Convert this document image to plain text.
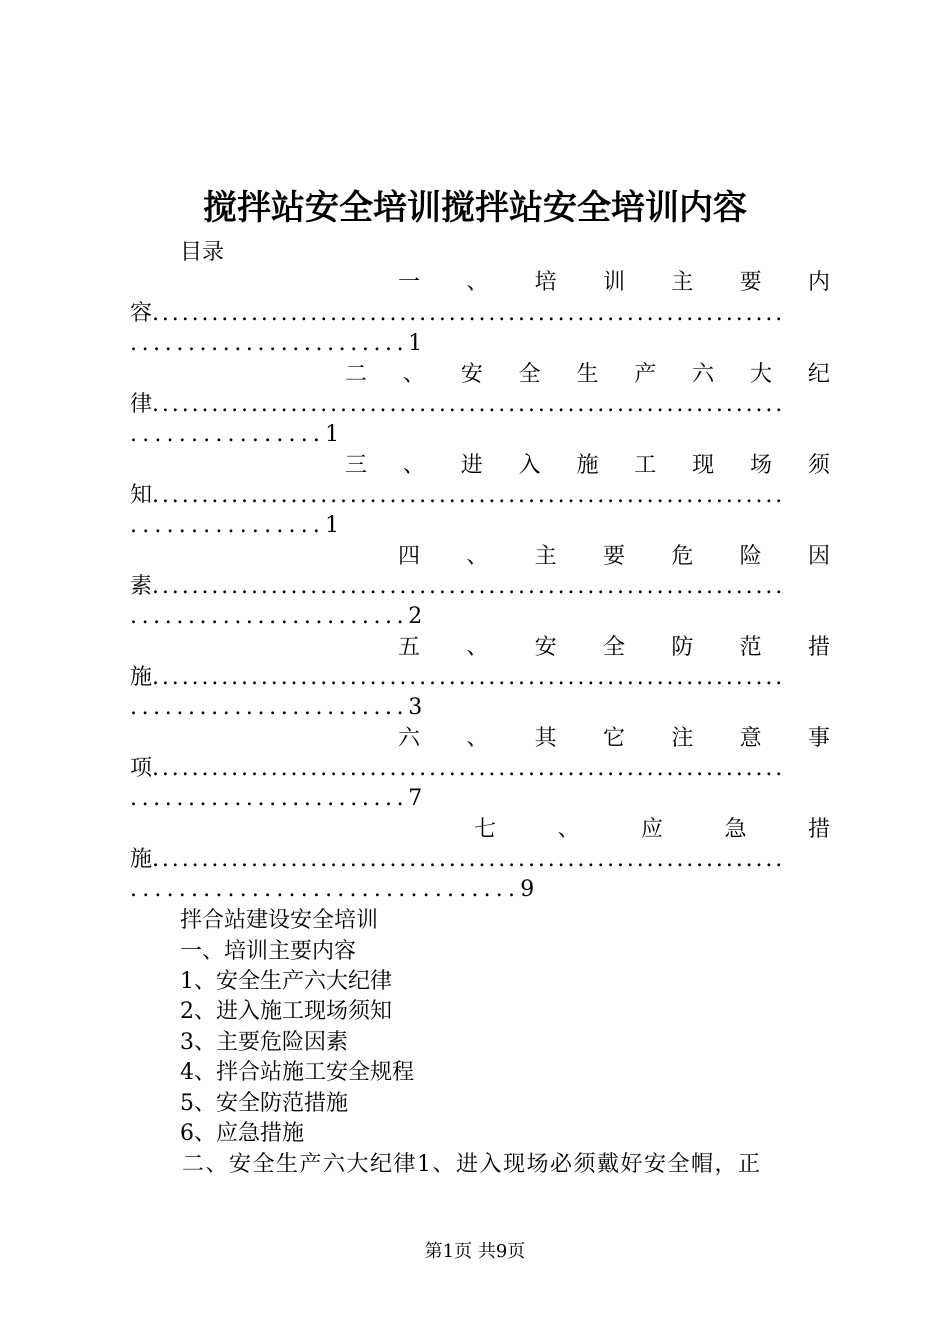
搅拌站安全培训搅拌站安全培训内容
目录
一 、 培 训 主 要 内
容................................................................
........................1
二 、 安 全 生 产 六 大 纪
律................................................................
................1
三 、 进 入 施 工 现 场 须
知................................................................
................1
四 、 主 要 危 险 因
素................................................................
........................2
五 、 安 全 防 范 措
施................................................................
........................3
六 、 其 它 注 意 事
项................................................................
........................7
七	、	应	急	措
施................................................................
................................9
拌合站建设安全培训
一、培训主要内容
1、安全生产六大纪律
2、进入施工现场须知
3、主要危险因素
4、拌合站施工安全规程
5、安全防范措施
6、应急措施
二、安全生产六大纪律1、进入现场必须戴好安全帽，正
第1页 共9页
